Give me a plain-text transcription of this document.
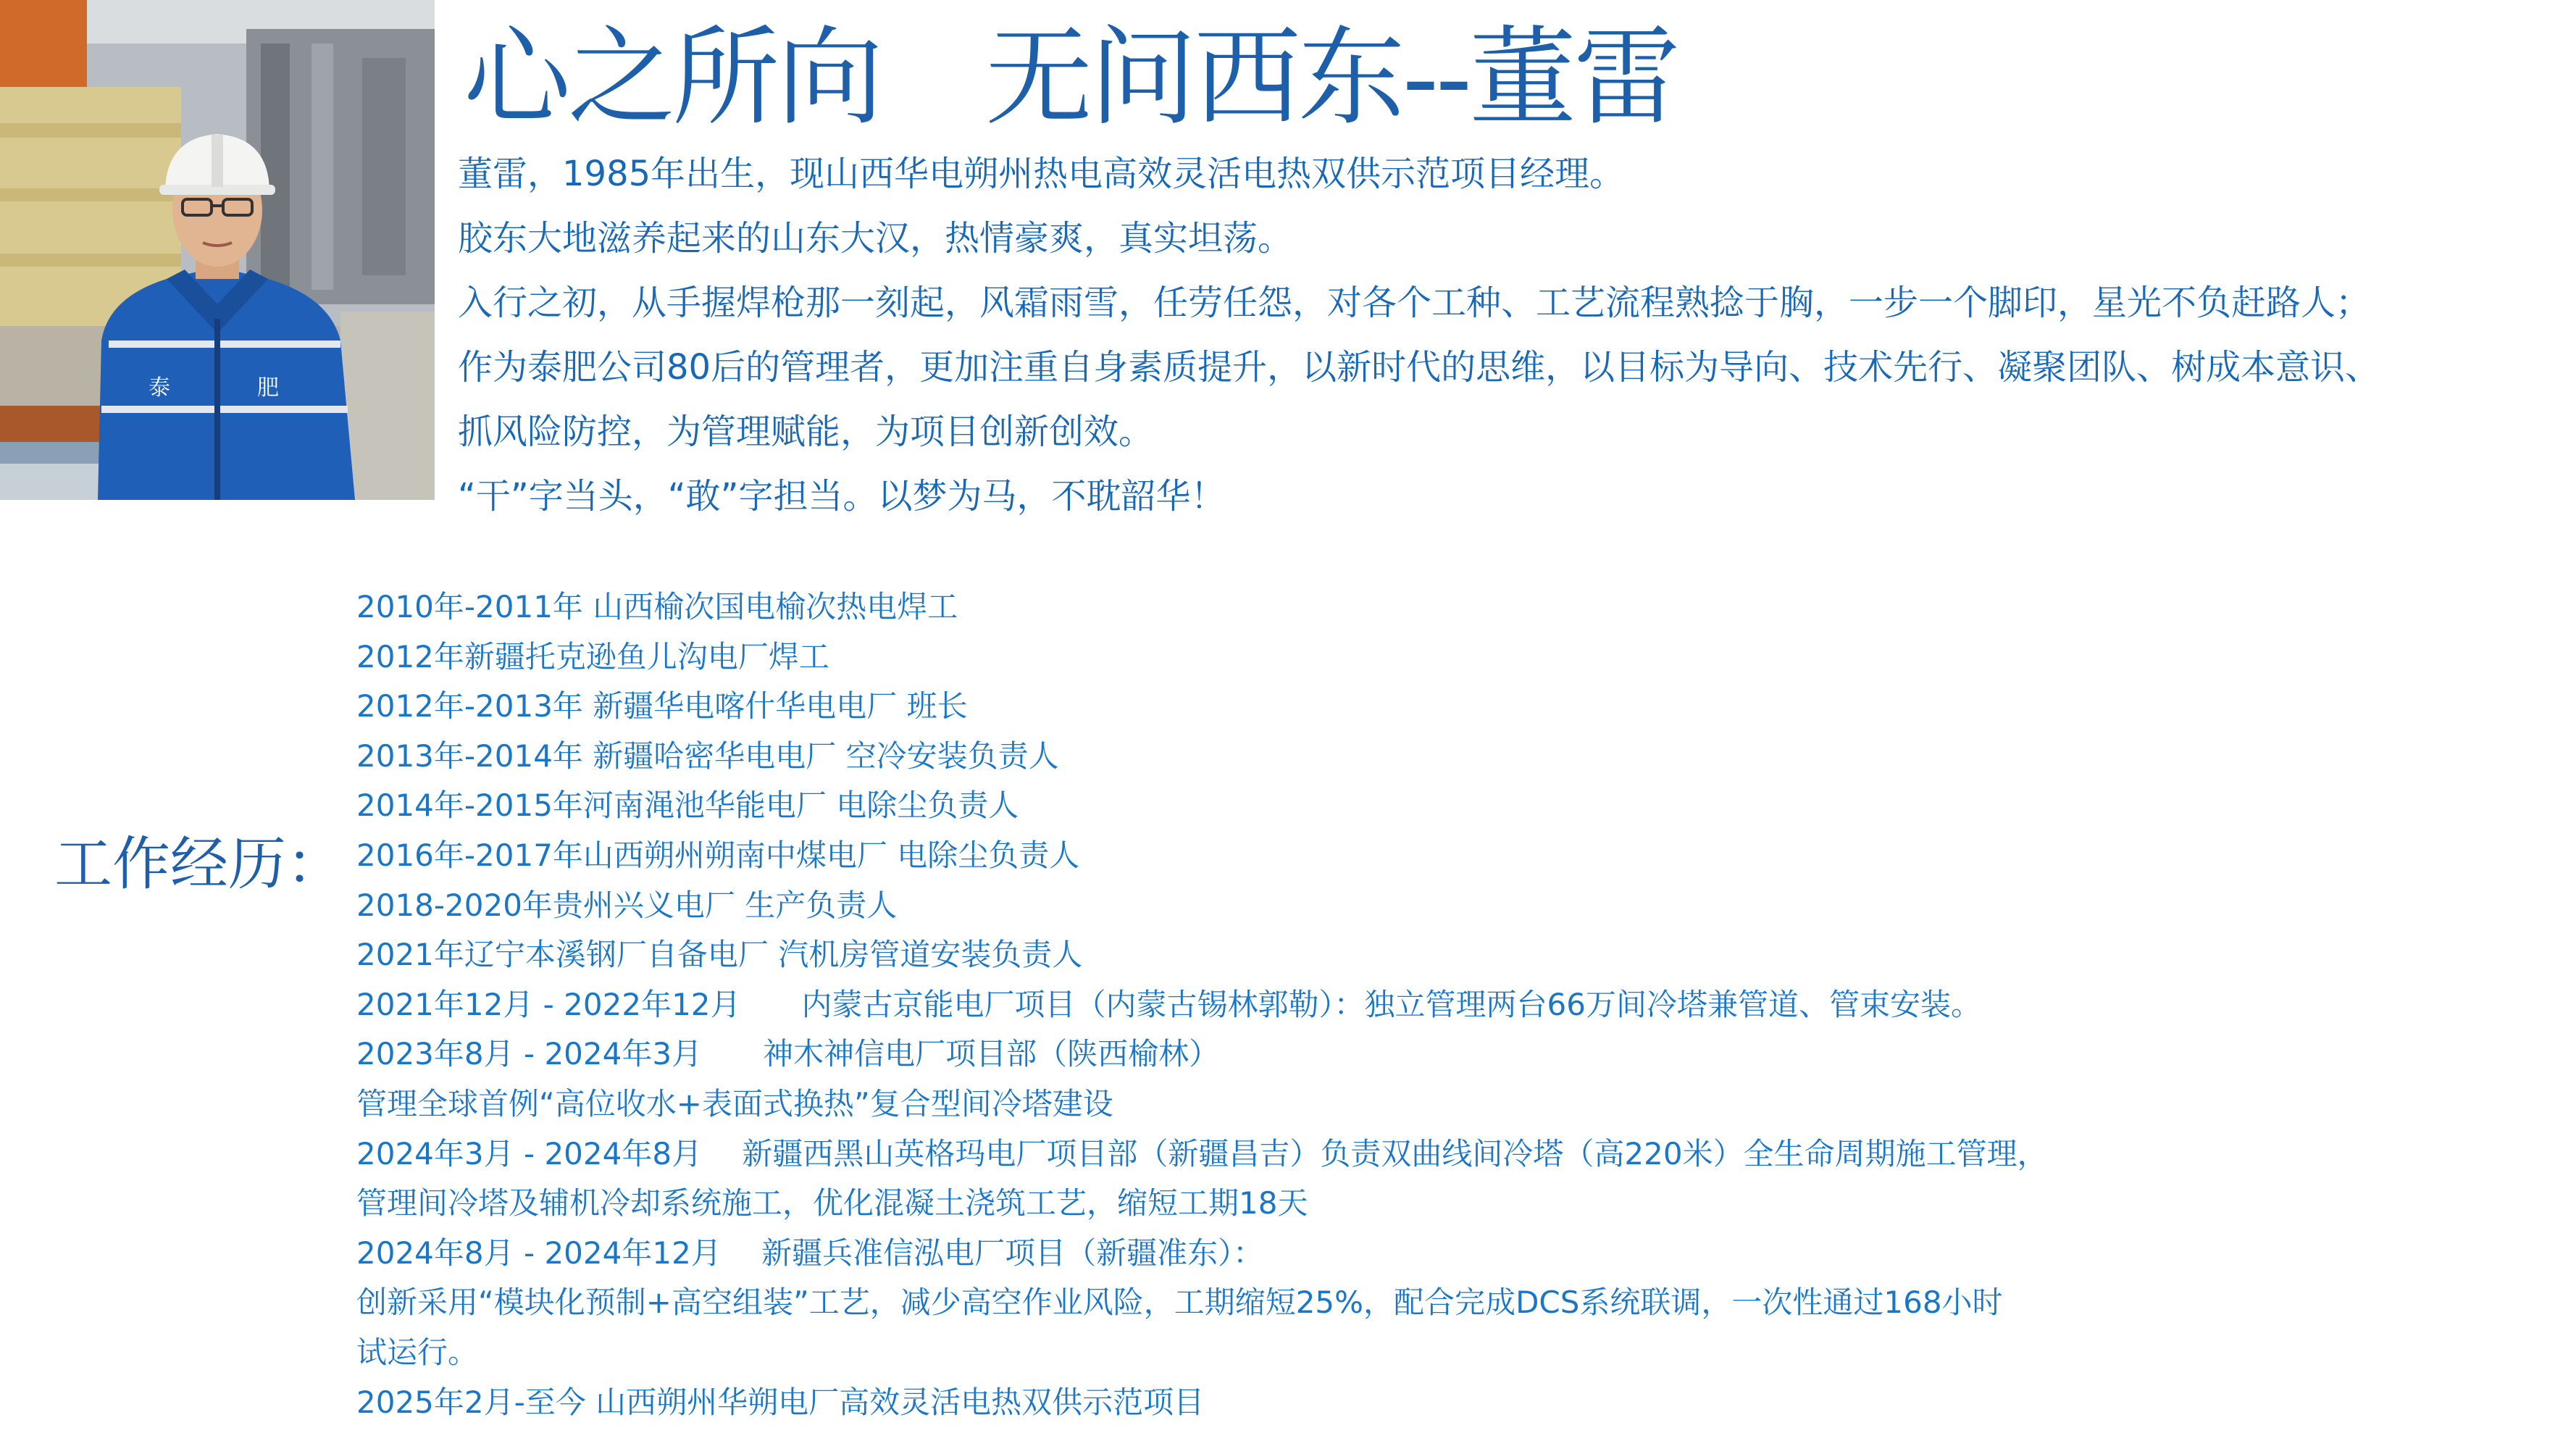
泰	肥
心之所向　无问西东--董雷
董雷，1985年出生，现山西华电朔州热电高效灵活电热双供示范项目经理。
胶东大地滋养起来的山东大汉，热情豪爽，真实坦荡。
入行之初，从手握焊枪那一刻起，风霜雨雪，任劳任怨，对各个工种、工艺流程熟捻于胸，一步一个脚印，星光不负赶路人；
作为泰肥公司80后的管理者，更加注重自身素质提升，以新时代的思维，以目标为导向、技术先行、凝聚团队、树成本意识、
抓风险防控，为管理赋能，为项目创新创效。
“干”字当头，“敢”字担当。以梦为马，不耽韶华！
工作经历：
2010年-2011年 山西榆次国电榆次热电焊工
2012年新疆托克逊鱼儿沟电厂焊工
2012年-2013年 新疆华电喀什华电电厂 班长
2013年-2014年 新疆哈密华电电厂 空冷安装负责人
2014年-2015年河南渑池华能电厂 电除尘负责人
2016年-2017年山西朔州朔南中煤电厂 电除尘负责人
2018-2020年贵州兴义电厂 生产负责人
2021年辽宁本溪钢厂自备电厂 汽机房管道安装负责人
2021年12月 - 2022年12月　　内蒙古京能电厂项目（内蒙古锡林郭勒）：独立管理两台66万间冷塔兼管道、管束安装。
2023年8月 - 2024年3月　　神木神信电厂项目部（陕西榆林）
管理全球首例“高位收水+表面式换热”复合型间冷塔建设
2024年3月 - 2024年8月　 新疆西黑山英格玛电厂项目部（新疆昌吉）负责双曲线间冷塔（高220米）全生命周期施工管理，
管理间冷塔及辅机冷却系统施工，优化混凝土浇筑工艺，缩短工期18天
2024年8月 - 2024年12月　 新疆兵准信泓电厂项目（新疆准东）：
创新采用“模块化预制+高空组装”工艺，减少高空作业风险，工期缩短25%，配合完成DCS系统联调，一次性通过168小时
试运行。
2025年2月-至今 山西朔州华朔电厂高效灵活电热双供示范项目
